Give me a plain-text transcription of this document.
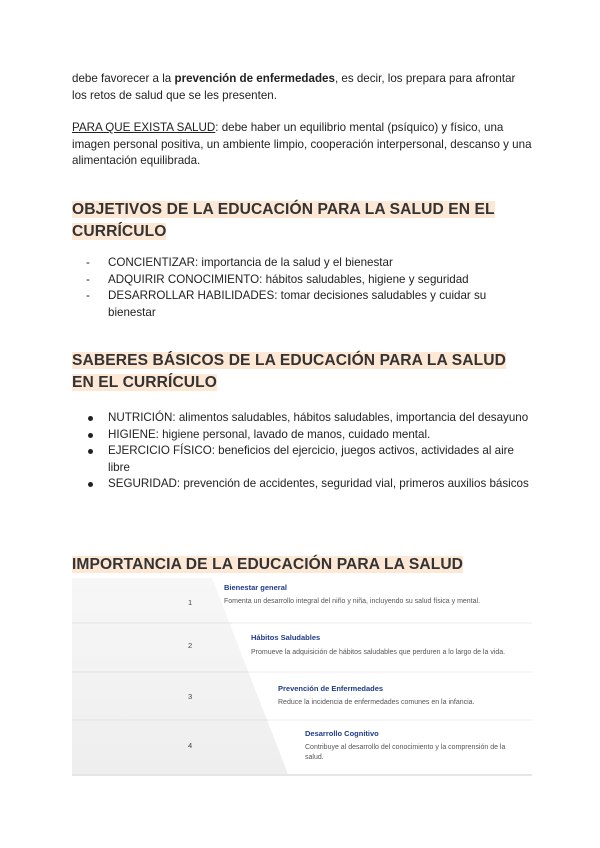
debe favorecer a la prevención de enfermedades, es decir, los prepara para afrontar los retos de salud que se les presenten.

PARA QUE EXISTA SALUD: debe haber un equilibrio mental (psíquico) y físico, una imagen personal positiva, un ambiente limpio, cooperación interpersonal, descanso y una alimentación equilibrada.

OBJETIVOS DE LA EDUCACIÓN PARA LA SALUD EN EL CURRÍCULO
- CONCIENTIZAR: importancia de la salud y el bienestar
- ADQUIRIR CONOCIMIENTO: hábitos saludables, higiene y seguridad
- DESARROLLAR HABILIDADES: tomar decisiones saludables y cuidar su bienestar
SABERES BÁSICOS DE LA EDUCACIÓN PARA LA SALUD EN EL CURRÍCULO
NUTRICIÓN: alimentos saludables, hábitos saludables, importancia del desayuno
HIGIENE: higiene personal, lavado de manos, cuidado mental.
EJERCICIO FÍSICO: beneficios del ejercicio, juegos activos, actividades al aire libre
SEGURIDAD: prevención de accidentes, seguridad vial, primeros auxilios básicos
IMPORTANCIA DE LA EDUCACIÓN PARA LA SALUD
1
Bienestar general
Fomenta un desarrollo integral del niño y niña, incluyendo su salud física y mental.
2
Hábitos Saludables
Promueve la adquisición de hábitos saludables que perduren a lo largo de la vida.
3
Prevención de Enfermedades
Reduce la incidencia de enfermedades comunes en la infancia.
4
Desarrollo Cognitivo
Contribuye al desarrollo del conocimiento y la comprensión de la salud.
